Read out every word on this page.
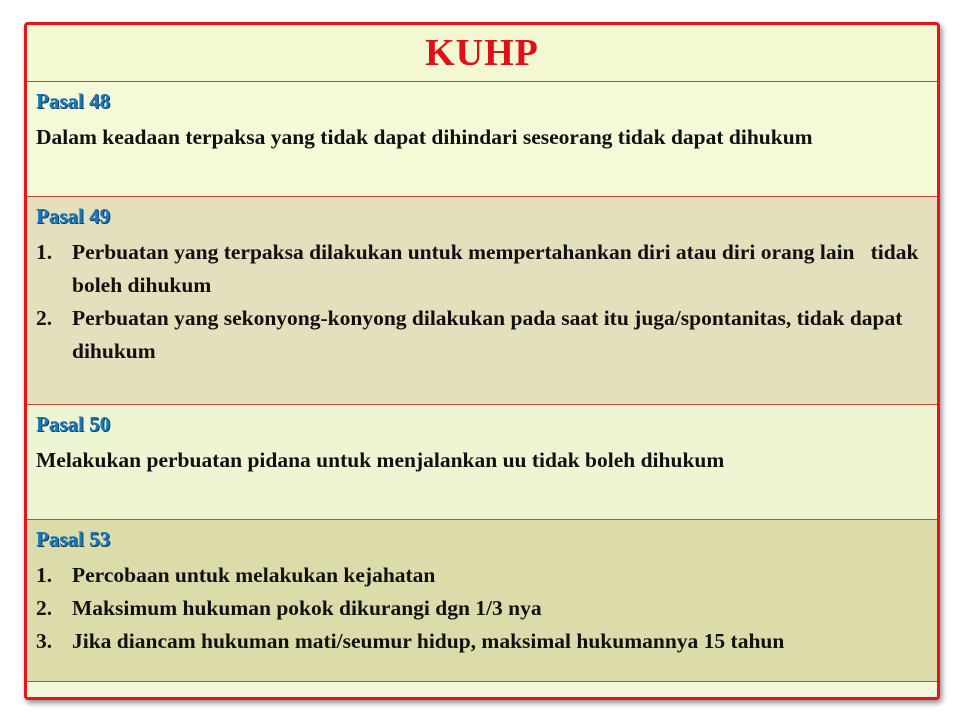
KUHP
Pasal 48
Dalam keadaan terpaksa yang tidak dapat dihindari seseorang tidak dapat dihukum
Pasal 49
1. Perbuatan yang terpaksa dilakukan untuk mempertahankan diri atau diri orang lain   tidak boleh dihukum
2. Perbuatan yang sekonyong-konyong dilakukan pada saat itu juga/spontanitas, tidak dapat dihukum
Pasal 50
Melakukan perbuatan pidana untuk menjalankan uu tidak boleh dihukum
Pasal 53
1. Percobaan untuk melakukan kejahatan
2. Maksimum hukuman pokok dikurangi dgn 1/3 nya
3. Jika diancam hukuman mati/seumur hidup, maksimal hukumannya 15 tahun
